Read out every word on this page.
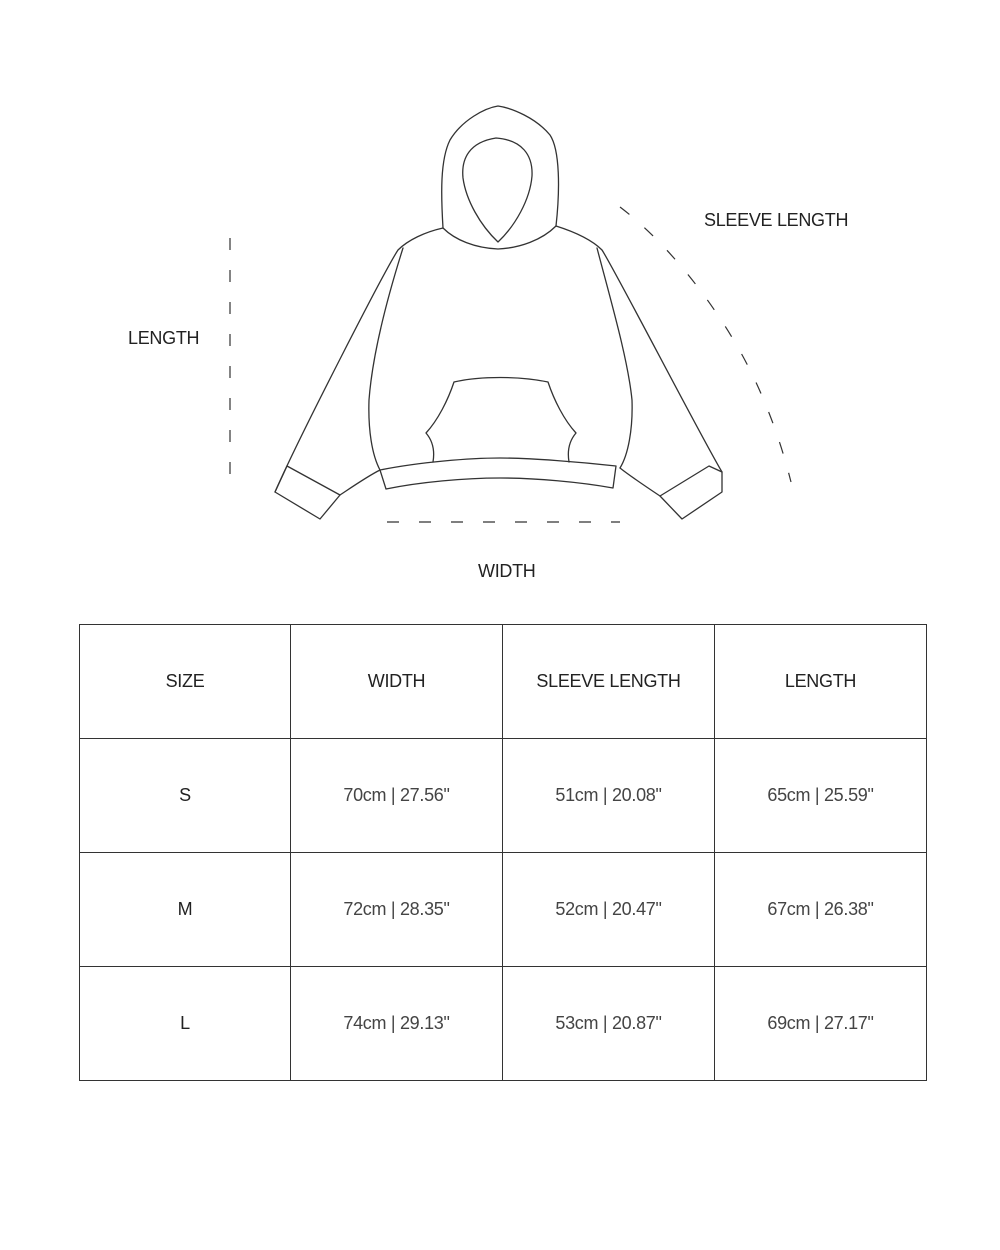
LENGTH
SLEEVE LENGTH
WIDTH
SIZE	WIDTH	SLEEVE LENGTH	LENGTH
S	70cm | 27.56"	51cm | 20.08"	65cm | 25.59"
M	72cm | 28.35"	52cm | 20.47"	67cm | 26.38"
L	74cm | 29.13"	53cm | 20.87"	69cm | 27.17"
